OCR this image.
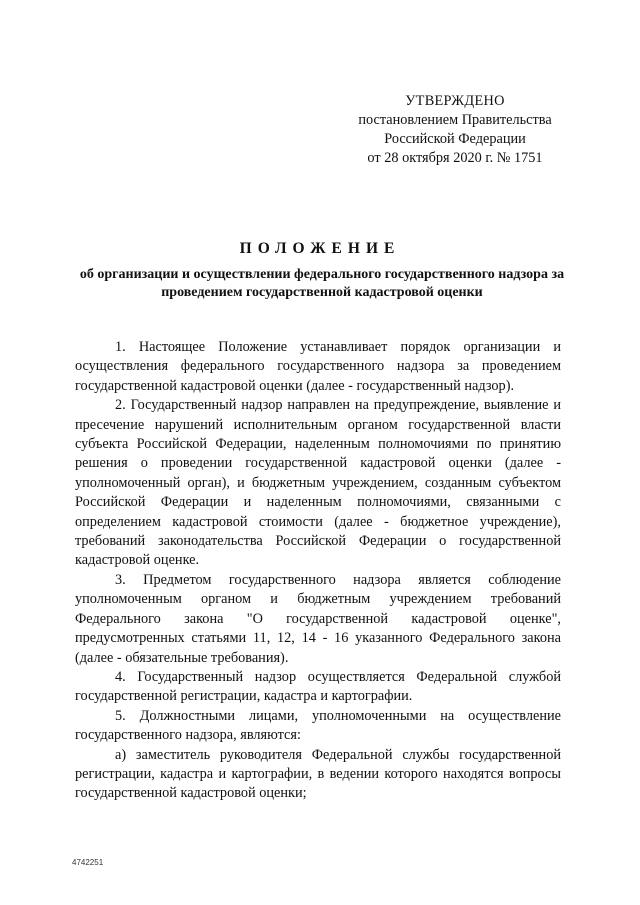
УТВЕРЖДЕНО
постановлением Правительства
Российской Федерации
от 28 октября 2020 г. № 1751
ПОЛОЖЕНИЕ
об организации и осуществлении федерального государственного надзора за проведением государственной кадастровой оценки

1. Настоящее Положение устанавливает порядок организации и осуществления федерального государственного надзора за проведением государственной кадастровой оценки (далее - государственный надзор).

2. Государственный надзор направлен на предупреждение, выявление и пресечение нарушений исполнительным органом государственной власти субъекта Российской Федерации, наделенным полномочиями по принятию решения о проведении государственной кадастровой оценки (далее - уполномоченный орган), и бюджетным учреждением, созданным субъектом Российской Федерации и наделенным полномочиями, связанными с определением кадастровой стоимости (далее - бюджетное учреждение), требований законодательства Российской Федерации о государственной кадастровой оценке.

3. Предметом государственного надзора является соблюдение уполномоченным органом и бюджетным учреждением требований Федерального закона "О государственной кадастровой оценке", предусмотренных статьями 11, 12, 14 - 16 указанного Федерального закона (далее - обязательные требования).

4. Государственный надзор осуществляется Федеральной службой государственной регистрации, кадастра и картографии.

5. Должностными лицами, уполномоченными на осуществление государственного надзора, являются:

а) заместитель руководителя Федеральной службы государственной регистрации, кадастра и картографии, в ведении которого находятся вопросы государственной кадастровой оценки;

4742251
